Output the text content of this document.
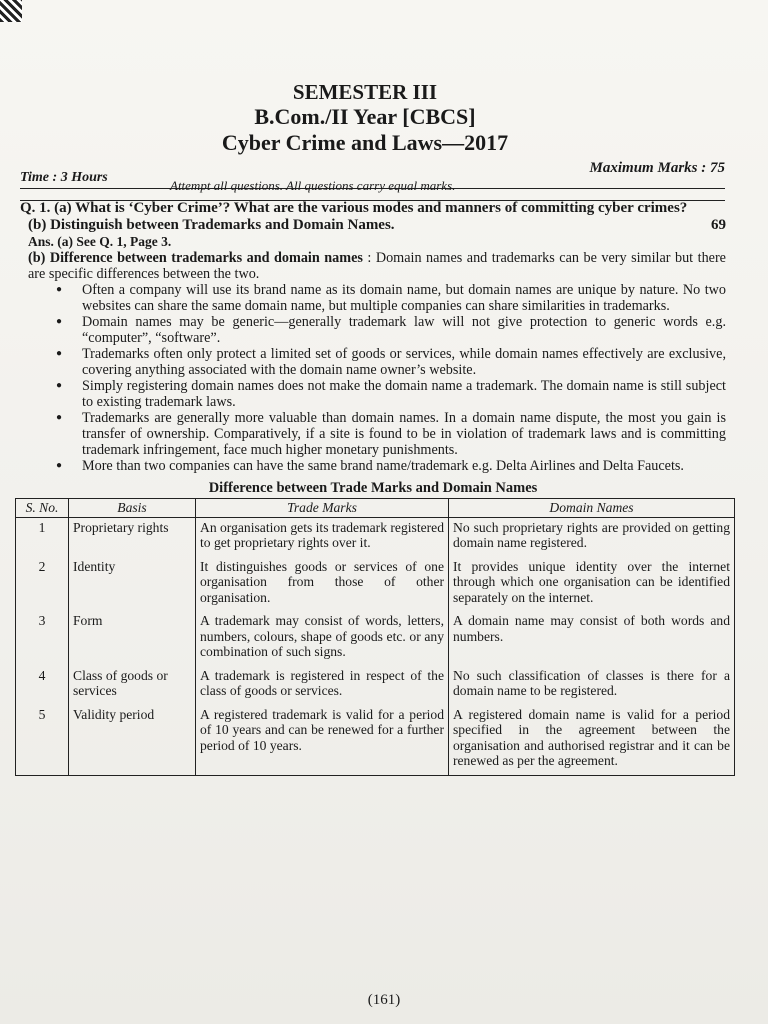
SEMESTER III
B.Com./II Year [CBCS]
Cyber Crime and Laws—2017
Time : 3 Hours
Maximum Marks : 75
Attempt all questions. All questions carry equal marks.
9
Q. 1. (a) What is ‘Cyber Crime’? What are the various modes and manners of committing cyber crimes?
6
(b) Distinguish between Trademarks and Domain Names.
Ans. (a) See Q. 1, Page 3.
(b) Difference between trademarks and domain names : Domain names and trademarks can be very similar but there are specific differences between the two.
● Often a company will use its brand name as its domain name, but domain names are unique by nature. No two websites can share the same domain name, but multiple companies can share similarities in trademarks.
● Domain names may be generic—generally trademark law will not give protection to generic words e.g. “computer”, “software”.
● Trademarks often only protect a limited set of goods or services, while domain names effectively are exclusive, covering anything associated with the domain name owner’s website.
● Simply registering domain names does not make the domain name a trademark. The domain name is still subject to existing trademark laws.
● Trademarks are generally more valuable than domain names. In a domain name dispute, the most you gain is transfer of ownership. Comparatively, if a site is found to be in violation of trademark laws and is committing trademark infringement, face much higher monetary punishments.
● More than two companies can have the same brand name/trademark e.g. Delta Airlines and Delta Faucets.
Difference between Trade Marks and Domain Names
S. No.	Basis	Trade Marks	Domain Names
1	Proprietary rights	An organisation gets its trademark registered to get proprietary rights over it.	No such proprietary rights are provided on getting domain name registered.
2	Identity	It distinguishes goods or services of one organisation from those of other organisation.	It provides unique identity over the internet through which one organisation can be identified separately on the internet.
3	Form	A trademark may consist of words, letters, numbers, colours, shape of goods etc. or any combination of such signs.	A domain name may consist of both words and numbers.
4	Class of goods or services	A trademark is registered in respect of the class of goods or services.	No such classification of classes is there for a domain name to be registered.
5	Validity period	A registered trademark is valid for a period of 10 years and can be renewed for a further period of 10 years.	A registered domain name is valid for a period specified in the agreement between the organisation and authorised registrar and it can be renewed as per the agreement.
(161)
